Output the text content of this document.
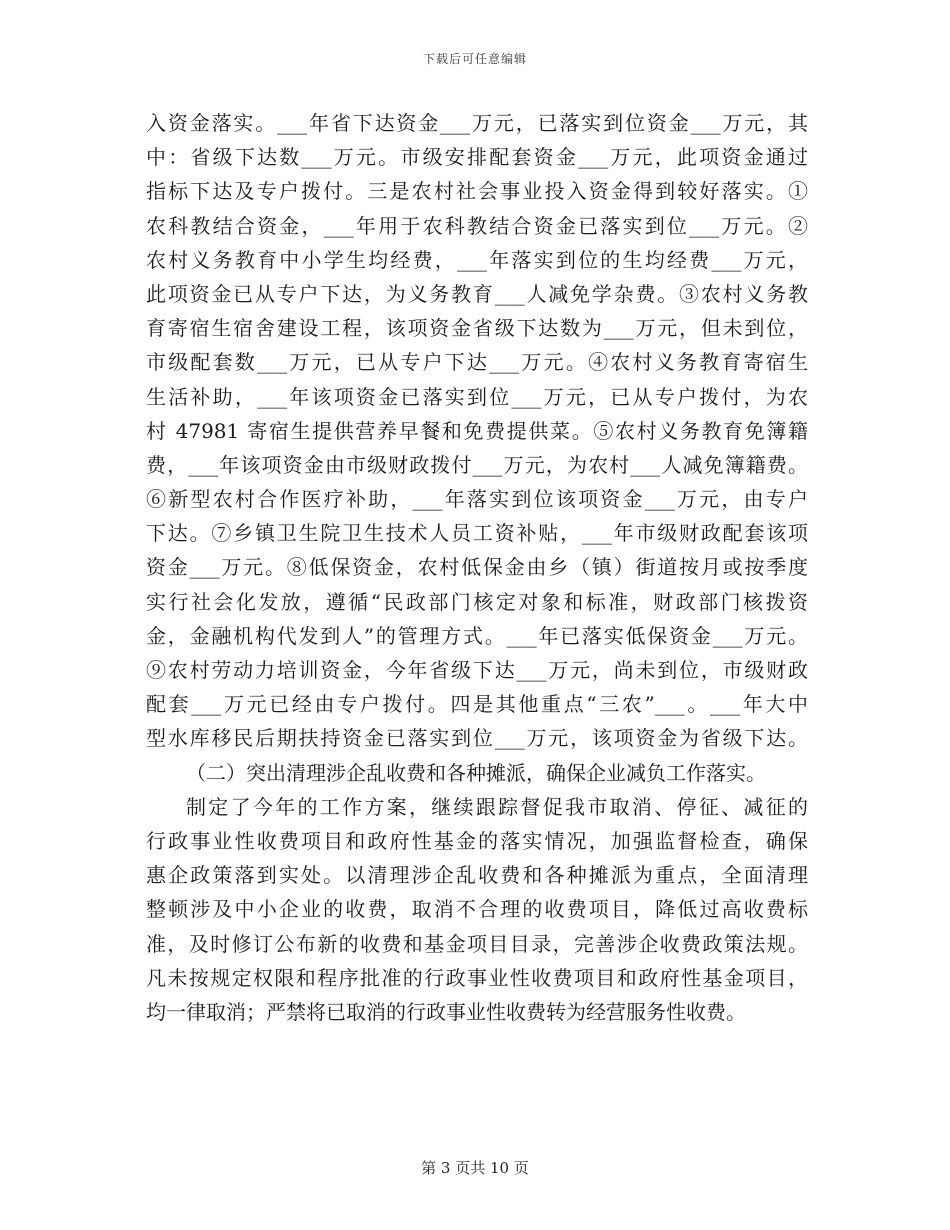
下载后可任意编辑
入资金落实。___年省下达资金___万元，已落实到位资金___万元，其
中：省级下达数___万元。市级安排配套资金___万元，此项资金通过
指标下达及专户拨付。三是农村社会事业投入资金得到较好落实。①
农科教结合资金，___年用于农科教结合资金已落实到位___万元。②
农村义务教育中小学生均经费，___年落实到位的生均经费___万元，
此项资金已从专户下达，为义务教育___人减免学杂费。③农村义务教
育寄宿生宿舍建设工程，该项资金省级下达数为___万元，但未到位，
市级配套数___万元，已从专户下达___万元。④农村义务教育寄宿生
生活补助，___年该项资金已落实到位___万元，已从专户拨付，为农
村 47981 寄宿生提供营养早餐和免费提供菜。⑤农村义务教育免簿籍
费，___年该项资金由市级财政拨付___万元，为农村___人减免簿籍费。
⑥新型农村合作医疗补助，___年落实到位该项资金___万元，由专户
下达。⑦乡镇卫生院卫生技术人员工资补贴，___年市级财政配套该项
资金___万元。⑧低保资金，农村低保金由乡（镇）街道按月或按季度
实行社会化发放，遵循“民政部门核定对象和标准，财政部门核拨资
金，金融机构代发到人”的管理方式。___年已落实低保资金___万元。
⑨农村劳动力培训资金，今年省级下达___万元，尚未到位，市级财政
配套___万元已经由专户拨付。四是其他重点“三农”___。___年大中
型水库移民后期扶持资金已落实到位___万元，该项资金为省级下达。
（二）突出清理涉企乱收费和各种摊派，确保企业减负工作落实。
制定了今年的工作方案，继续跟踪督促我市取消、停征、减征的
行政事业性收费项目和政府性基金的落实情况，加强监督检查，确保
惠企政策落到实处。以清理涉企乱收费和各种摊派为重点，全面清理
整顿涉及中小企业的收费，取消不合理的收费项目，降低过高收费标
准，及时修订公布新的收费和基金项目目录，完善涉企收费政策法规。
凡未按规定权限和程序批准的行政事业性收费项目和政府性基金项目，
均一律取消；严禁将已取消的行政事业性收费转为经营服务性收费。
第 3 页共 10 页
